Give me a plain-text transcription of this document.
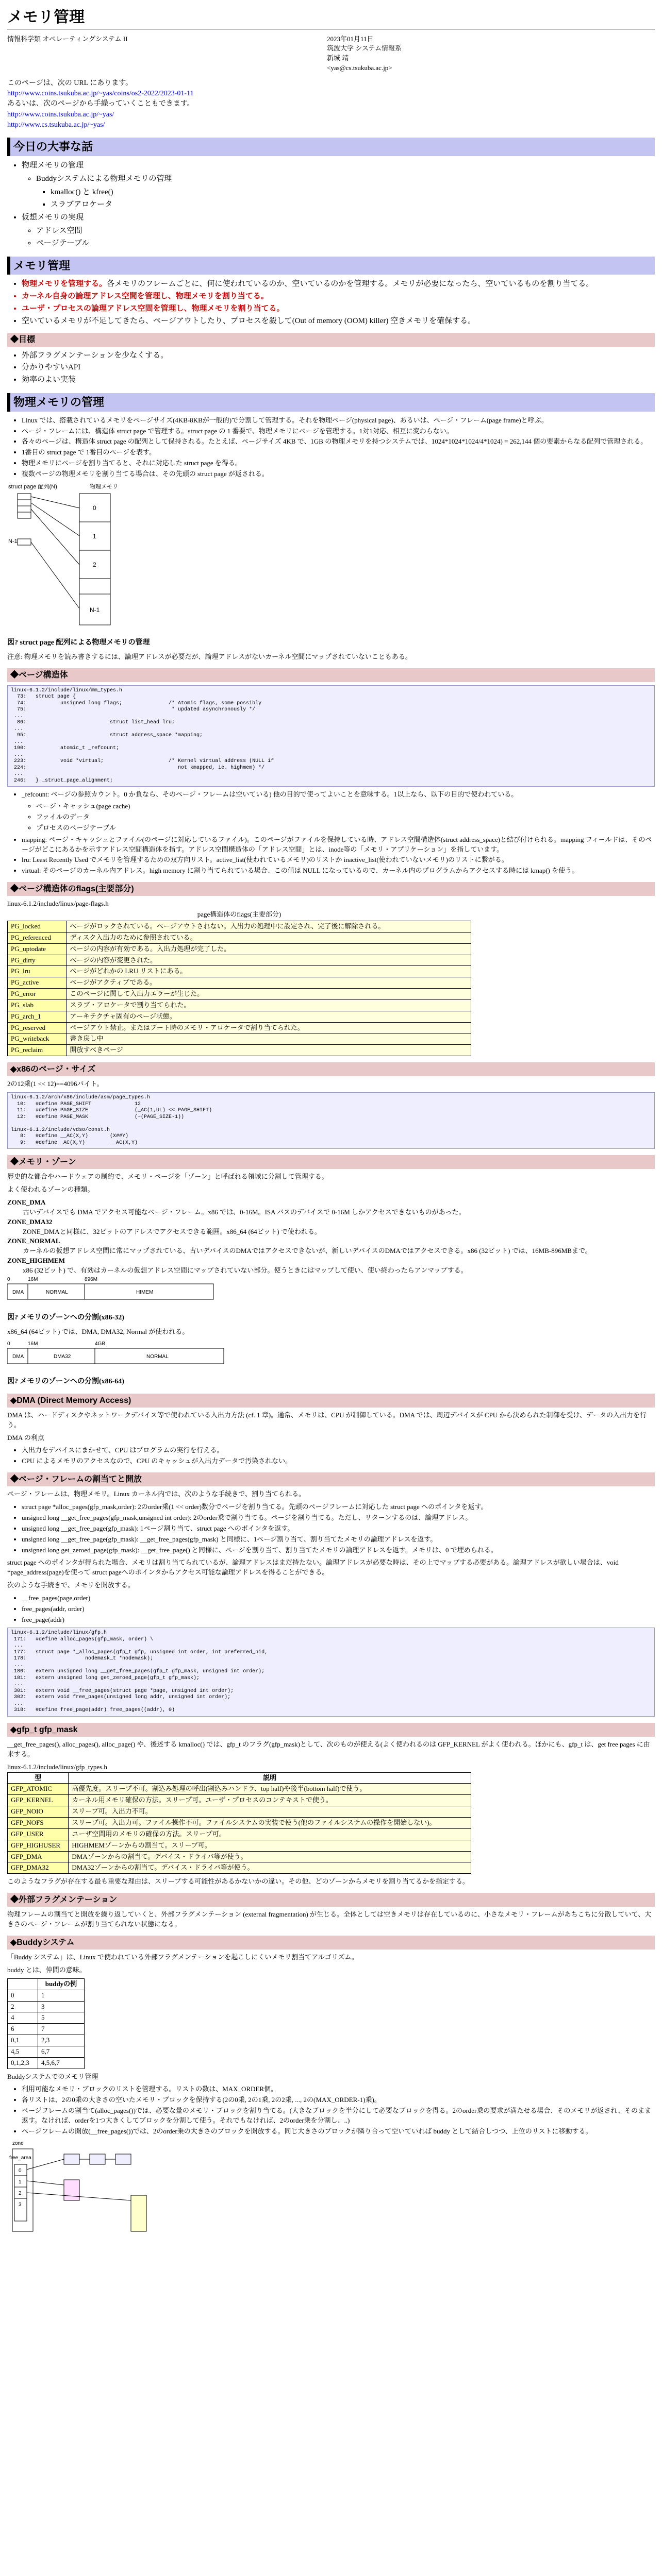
メモリ管理
情報科学類 オペレーティングシステム II	2023年01月11日
筑波大学 システム情報系
新城 靖
<yas@cs.tsukuba.ac.jp>
このページは、次の URL にあります。
http://www.coins.tsukuba.ac.jp/~yas/coins/os2-2022/2023-01-11
あるいは、次のページから手繰っていくこともできます。
http://www.coins.tsukuba.ac.jp/~yas/
http://www.cs.tsukuba.ac.jp/~yas/
今日の大事な話
• 物理メモリの管理
◦ Buddyシステムによる物理メモリの管理
▪ kmalloc() と kfree()
▪ スラブアロケータ
• 仮想メモリの実現
◦ アドレス空間
◦ ページテーブル
メモリ管理
• 物理メモリを管理する。各メモリのフレームごとに、何に使われているのか、空いているのかを管理する。メモリが必要になったら、空いているものを割り当てる。
• カーネル自身の論理アドレス空間を管理し、物理メモリを割り当てる。
• ユーザ・プロセスの論理アドレス空間を管理し、物理メモリを割り当てる。
• 空いているメモリが不足してきたら、ページアウトしたり、プロセスを殺して(Out of memory (OOM) killer) 空きメモリを確保する。
◆目標
• 外部フラグメンテーションを少なくする。
• 分かりやすいAPI
• 効率のよい実装
物理メモリの管理
• Linux では、搭載されているメモリをページサイズ(4KB-8KBが一般的)で分割して管理する。それを物理ページ(physical page)、あるいは、ページ・フレーム(page frame)と呼ぶ。
• ページ・フレームには、構造体 struct page で管理する。struct page の 1 番要で、物理メモリにページを管理する。1対1対応、相互に変わらない。
• 各々のページは、構造体 struct page の配列として保持される。たとえば、ページサイズ 4KB で、1GB の物理メモリを持つシステムでは、1024*1024*1024/4*1024) = 262,144 個の要素からなる配列で管理される。
• 1番目の struct page で 1番目のページを表す。
• 物理メモリにページを割り当てると、それに対応した struct page を得る。
• 複数ページの物理メモリを割り当てる場合は、その先頭の struct page が返される。
struct page 配列(N)	物理メモリ
N-1
0
1
2
N-1
図? struct page 配列による物理メモリの管理
注意: 物理メモリを読み書きするには、論理アドレスが必要だが、論理アドレスがないカーネル空間にマップされていないこともある。
◆ページ構造体
linux-6.1.2/include/linux/mm_types.h
73:   struct page {
74:           unsigned long flags;               /* Atomic flags, some possibly
75:                                               * updated asynchronously */
...
86:                           struct list_head lru;
...
95:                           struct address_space *mapping;
...
190:           atomic_t _refcount;
...
223:           void *virtual;                     /* Kernel virtual address (NULL if
224:                                                 not kmapped, ie. highmem) */
...
246:   } _struct_page_alignment;
• _refcount: ページの参照カウント。0 か負なら、そのページ・フレームは空いている) 他の目的で使ってよいことを意味する。1以上なら、以下の目的で使われている。
◦ ページ・キャッシュ(page cache)
◦ ファイルのデータ
◦ プロセスのページテーブル
• mapping: ページ・キャッシュとファイル(のページに対応しているファイル)。このページがファイルを保持している時、アドレス空間構造体(struct address_space)と結び付けられる。mapping フィールドは、そのページがどこにあるかを示すアドレス空間構造体を指す。アドレス空間構造体の「アドレス空間」とは、inode等の「メモリ・アプリケーション」を指しています。
• lru: Least Recently Used でメモリを管理するための双方向リスト。active_list(使われているメモリ)のリストか inactive_list(使われていないメモリ)のリストに繋がる。
• virtual: そのページのカーネル内アドレス。high memory に割り当てられている場合、この値は NULL になっているので、カーネル内のプログラムからアクセスする時には kmap() を使う。
◆ページ構造体のflags(主要部分)
linux-6.1.2/include/linux/page-flags.h
page構造体のflags(主要部分)
PG_locked	ページがロックされている。ページアウトされない。入出力の処理中に設定され、完了後に解除される。
PG_referenced	ディスク入出力のために参照されている。
PG_uptodate	ページの内容が有効である。入出力処理が完了した。
PG_dirty	ページの内容が変更された。
PG_lru	ページがどれかの LRU リストにある。
PG_active	ページがアクティブである。
PG_error	このページに関して入出力エラーが生じた。
PG_slab	スラブ・アロケータで割り当てられた。
PG_arch_1	アーキテクチャ固有のページ状態。
PG_reserved	ページアウト禁止。またはブート時のメモリ・アロケータで割り当てられた。
PG_writeback	書き戻し中
PG_reclaim	開放すべきページ
◆x86のページ・サイズ

2の12乗(1 << 12)==4096バイト。

linux-6.1.2/arch/x86/include/asm/page_types.h
10:   #define PAGE_SHIFT              12
11:   #define PAGE_SIZE               (_AC(1,UL) << PAGE_SHIFT)
12:   #define PAGE_MASK               (~(PAGE_SIZE-1))

linux-6.1.2/include/vdso/const.h
8:   #define __AC(X,Y)       (X##Y)
9:   #define _AC(X,Y)        __AC(X,Y)
◆メモリ・ゾーン

歴史的な都合やハードウェアの制約で、メモリ・ページを「ゾーン」と呼ばれる領域に分割して管理する。

よく使われるゾーンの種類。

ZONE_DMA
古いデバイスでも DMA でアクセス可能なページ・フレーム。x86 では、0-16M。ISA バスのデバイスで 0-16M しかアクセスできないものがあった。
ZONE_DMA32
ZONE_DMAと同様に、32ビットのアドレスでアクセスできる範囲。x86_64 (64ビット) で使われる。
ZONE_NORMAL
カーネルの仮想アドレス空間に常にマップされている、古いデバイスのDMAではアクセスできないが、新しいデバイスのDMAではアクセスできる。x86 (32ビット) では、16MB-896MBまで。
ZONE_HIGHMEM
x86 (32ビット) で、有効はカーネルの仮想アドレス空間にマップされていない部分。使うときにはマップして使い、使い終わったらアンマップする。
0	16M	896M
DMA	NORMAL	HIMEM
図? メモリのゾーンへの分割(x86-32)

x86_64 (64ビット) では、DMA, DMA32, Normal が使われる。

0	16M	4GB
DMA	DMA32	NORMAL
図? メモリのゾーンへの分割(x86-64)
◆DMA (Direct Memory Access)

DMA は、ハードディスクやネットワークデバイス等で使われている入出力方法 (cf. 1 章)。通常、メモリは、CPU が制御している。DMA では、周辺デバイスが CPU から決められた制御を受け、データの入出力を行う。

DMA の利点

• 入出力をデバイスにまかせて、CPU はプログラムの実行を行える。
• CPU によるメモリのアクセスなので、CPU のキャッシュが入出力データで汚染されない。
◆ページ・フレームの割当てと開放

ページ・フレームは、物理メモリ。Linux カーネル内では、次のような手続きで、割り当てられる。

• struct page *alloc_pages(gfp_mask,order): 2のorder乗(1 << order)数分でページを割り当てる。先頭のページフレームに対応した struct page へのポインタを返す。
• unsigned long __get_free_pages(gfp_mask,unsigned int order): 2のorder乗で割り当てる。ページを割り当てる。ただし、リターンするのは、論理アドレス。
• unsigned long __get_free_page(gfp_mask): 1ページ割り当て、struct page へのポインタを返す。
• unsigned long __get_free_page(gfp_mask): __get_free_pages(gfp_mask) と同様に、1ページ割り当て、割り当てたメモリの論理アドレスを返す。
• unsigned long get_zeroed_page(gfp_mask): __get_free_page() と同様に、ページを割り当て、割り当てたメモリの論理アドレスを返す。メモリは、0 で埋められる。

struct page へのポインタが得られた場合、メモリは割り当てられているが、論理アドレスはまだ持たない。論理アドレスが必要な時は、その上でマップする必要がある。論理アドレスが欲しい場合は、void *page_address(page)を使って struct pageへのポインタからアクセス可能な論理アドレスを得ることができる。

次のような手続きで、メモリを開放する。

• __free_pages(page,order)
• free_pages(addr, order)
• free_page(addr)
linux-6.1.2/include/linux/gfp.h
171:   #define alloc_pages(gfp_mask, order) \
...
177:   struct page *_alloc_pages(gfp_t gfp, unsigned int order, int preferred_nid,
178:                   nodemask_t *nodemask);
...
180:   extern unsigned long __get_free_pages(gfp_t gfp_mask, unsigned int order);
181:   extern unsigned long get_zeroed_page(gfp_t gfp_mask);
...
301:   extern void __free_pages(struct page *page, unsigned int order);
302:   extern void free_pages(unsigned long addr, unsigned int order);
...
318:   #define free_page(addr) free_pages((addr), 0)
◆gfp_t gfp_mask

__get_free_pages(), alloc_pages(), alloc_page() や、後述する kmalloc() では、gfp_t のフラグ(gfp_mask)として、次のものが使える(よく使われるのは GFP_KERNEL がよく使われる。ほかにも、gfp_t は、get free pages に由来する。

linux-6.1.2/include/linux/gfp_types.h
型	説明
GFP_ATOMIC	高優先度。スリープ不可。割込み処理の呼出(割込みハンドラ、top half)や後半(bottom half)で使う。
GFP_KERNEL	カーネル用メモリ確保の方法。スリープ可。ユーザ・プロセスのコンテキストで使う。
GFP_NOIO	スリープ可。入出力不可。
GFP_NOFS	スリープ可。入出力可。ファイル操作不可。ファイルシステムの実装で使う(他のファイルシステムの操作を開始しない)。
GFP_USER	ユーザ空間用のメモリの確保の方法。スリープ可。
GFP_HIGHUSER	HIGHMEMゾーンからの割当て。スリープ可。
GFP_DMA	DMAゾーンからの割当て。デバイス・ドライバ等が使う。
GFP_DMA32	DMA32ゾーンからの割当て。デバイス・ドライバ等が使う。

このようなフラグが存在する最も重要な理由は、スリープする可能性があるかないかの違い。その他、どのゾーンからメモリを割り当てるかを指定する。

◆外部フラグメンテーション

物理フレームの割当てと開放を繰り返していくと、外部フラグメンテーション (external fragmentation) が生じる。全体としては空きメモリは存在しているのに、小さなメモリ・フレームがあちこちに分散していて、大きさのページ・フレームが割り当てられない状態になる。

◆Buddyシステム

「Buddy システム」は、Linux で使われている外部フラグメンテーションを起こしにくいメモリ割当てアルゴリズム。

buddy とは、仲間の意味。

	buddyの例
0	1
2	3
4	5
6	7
0,1	2,3
4,5	6,7
0,1,2,3	4,5,6,7

Buddyシステムでのメモリ管理

• 利用可能なメモリ・ブロックのリストを管理する。リストの数は、MAX_ORDER個。
• 各リストは、2の0乗の大きさの空いたメモリ・ブロックを保持する(2の0乗, 2の1乗, 2の2乗, ..., 2の(MAX_ORDER-1)乗)。
• ページフレームの割当て(alloc_pages())では、必要な量のメモリ・ブロックを割り当てる。(大きなブロックを半分にして必要なブロックを得る。2のorder乗の要求が満たせる場合、そのメモリが返され、そのまま返す。なければ、orderを1つ大きくしてブロックを分割して使う。それでもなければ、2のorder乗を分割し、..)
• ページフレームの開放(__free_pages())では、2のorder乗の大きさのブロックを開放する。同じ大きさのブロックが隣り合って空いていれば buddy として結合しつつ、上位のリストに移動する。
zone
free_area
0
1
2
3
